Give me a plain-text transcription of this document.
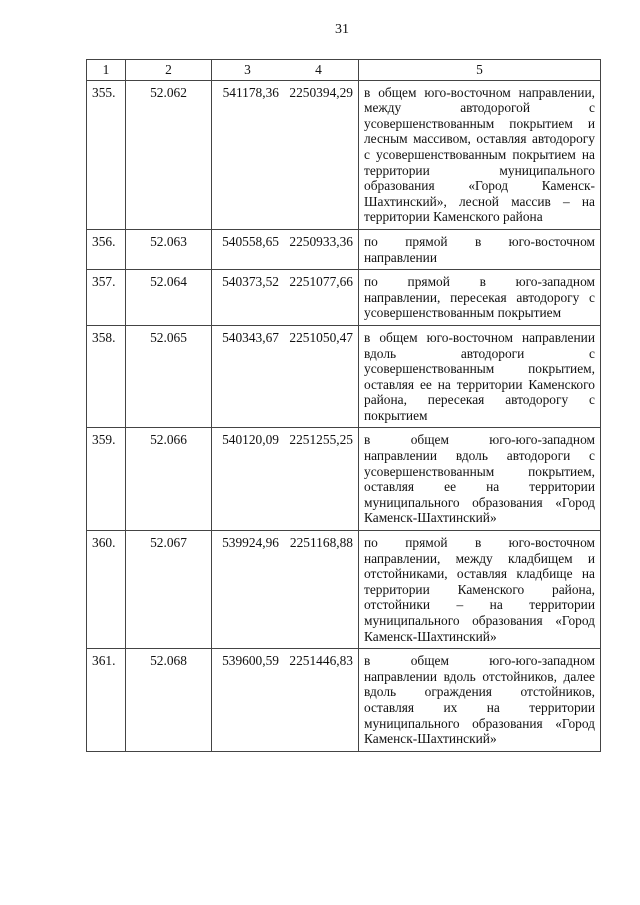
31
1	2	3	4	5
355.	52.062	541178,36	2250394,29	в общем юго-восточном направлении, между автодорогой с усовершенствованным покрытием и лесным массивом, оставляя автодорогу с усовершенствованным покрытием на территории муниципального образования «Город Каменск-Шахтинский», лесной массив – на территории Каменского района
356.	52.063	540558,65	2250933,36	по прямой в юго-восточном направлении
357.	52.064	540373,52	2251077,66	по прямой в юго-западном направлении, пересекая автодорогу с усовершенствованным покрытием
358.	52.065	540343,67	2251050,47	в общем юго-восточном направлении вдоль автодороги с усовершенствованным покрытием, оставляя ее на территории Каменского района, пересекая автодорогу с покрытием
359.	52.066	540120,09	2251255,25	в общем юго-юго-западном направлении вдоль автодороги с усовершенствованным покрытием, оставляя ее на территории муниципального образования «Город Каменск-Шахтинский»
360.	52.067	539924,96	2251168,88	по прямой в юго-восточном направлении, между кладбищем и отстойниками, оставляя кладбище на территории Каменского района, отстойники – на территории муниципального образования «Город Каменск-Шахтинский»
361.	52.068	539600,59	2251446,83	в общем юго-юго-западном направлении вдоль отстойников, далее вдоль ограждения отстойников, оставляя их на территории муниципального образования «Город Каменск-Шахтинский»
